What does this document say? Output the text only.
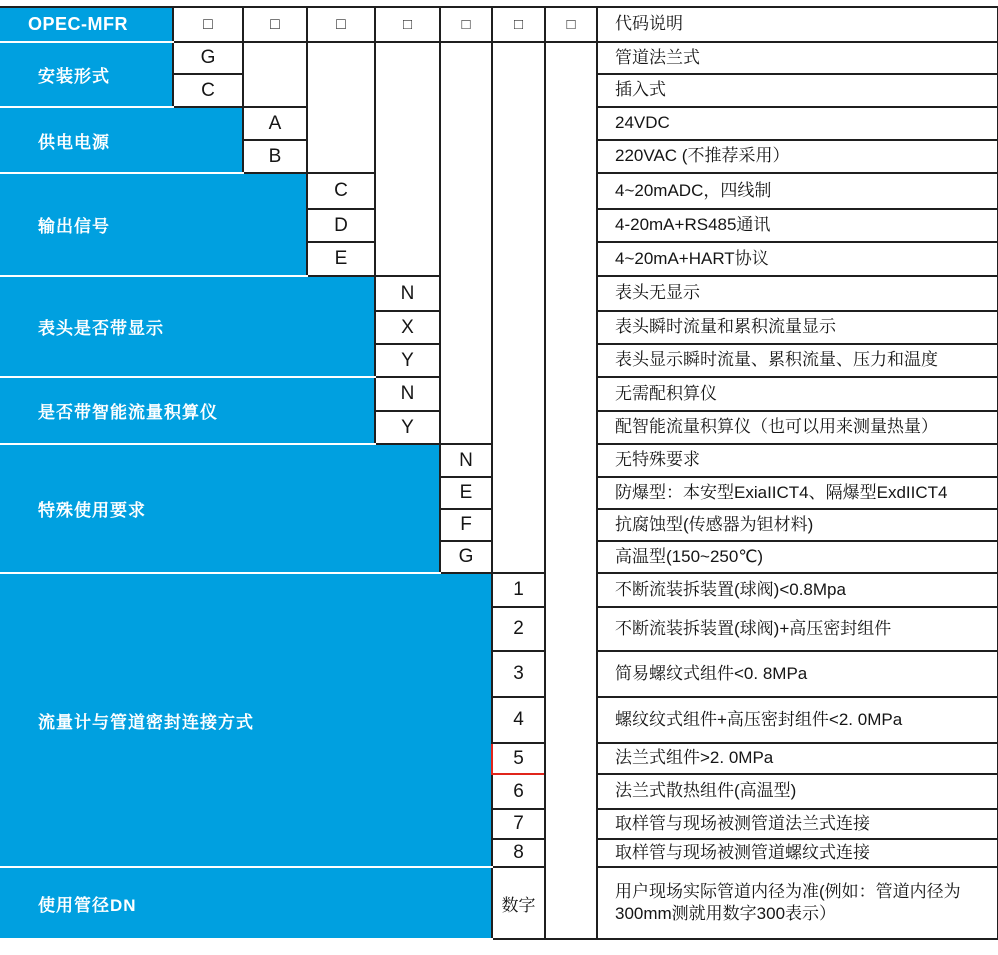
OPEC-MFR	□	□	□	□	□	□	□	代码说明
安装形式	G							管道法兰式
	C							插入式
供电电源		A						24VDC
		B						220VAC (不推荐采用）
输出信号			C					4~20mADC，四线制
			D					4-20mA+RS485通讯
			E					4~20mA+HART协议
表头是否带显示				N				表头无显示
				X				表头瞬时流量和累积流量显示
				Y				表头显示瞬时流量、累积流量、压力和温度
是否带智能流量积算仪				N				无需配积算仪
				Y				配智能流量积算仪（也可以用来测量热量）
特殊使用要求					N			无特殊要求
					E			防爆型：本安型ExiaIICT4、隔爆型ExdIICT4
					F			抗腐蚀型(传感器为钽材料)
					G			高温型(150~250℃)
流量计与管道密封连接方式						1		不断流装拆装置(球阀)<0.8Mpa
						2		不断流装拆装置(球阀)+高压密封组件
						3		简易螺纹式组件<0. 8MPa
						4		螺纹纹式组件+高压密封组件<2. 0MPa
						5		法兰式组件>2. 0MPa
						6		法兰式散热组件(高温型)
						7		取样管与现场被测管道法兰式连接
						8		取样管与现场被测管道螺纹式连接
使用管径DN						数字		用户现场实际管道内径为准(例如：管道内径为300mm测就用数字300表示）
